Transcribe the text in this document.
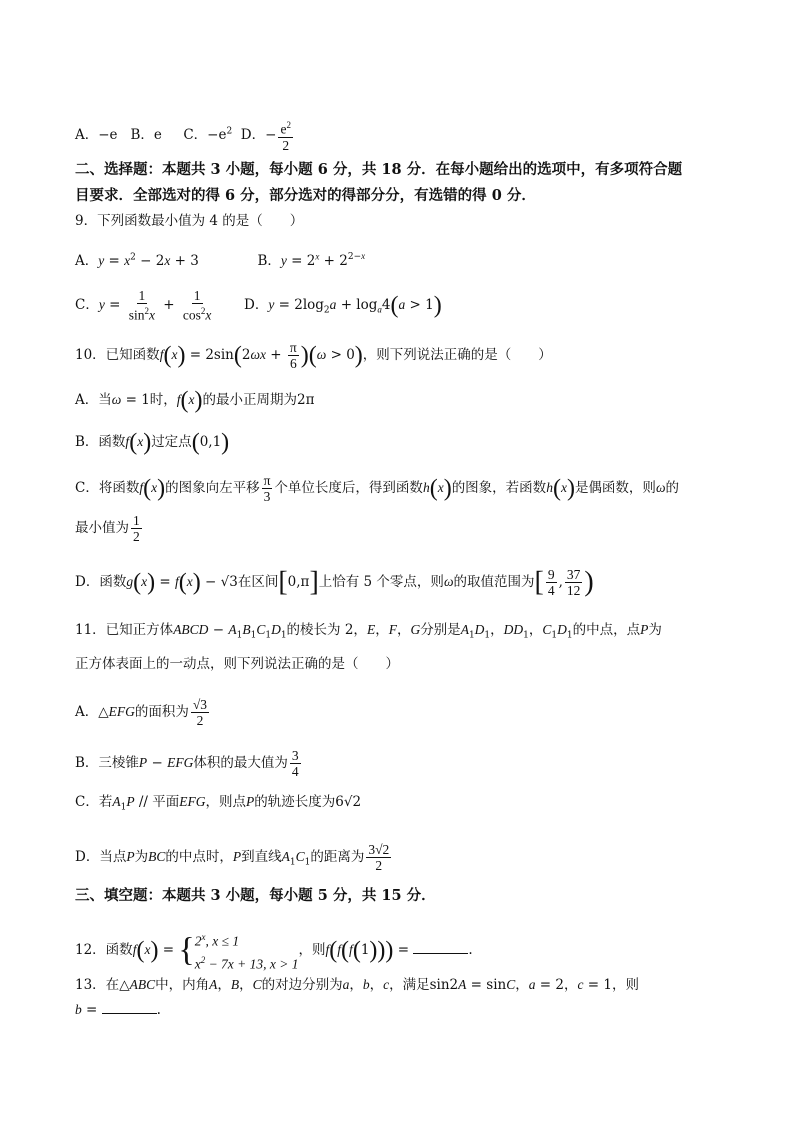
A．−e B．e C．$-e^2$ D．− $\frac{e^2}{2}$
二、选择题：本题共 3 小题，每小题 6 分，共 18 分．在每小题给出的选项中，有多项符合题
目要求．全部选对的得 6 分，部分选对的得部分分，有选错的得 0 分．
9．下列函数最小值为 4 的是（　　）
A．$y = x^2 - 2x + 3$	B．$y = 2^x + 2^{2-x}$
C．$y = \frac{1}{\sin^2x} + \frac{1}{\cos^2x}$ D．$y = 2\log_2a + \log_a4(a > 1)$
10．已知函数$f(x) = 2\sin(2\omega x + \frac{\pi}{6} )(\omega > 0)$，则下列说法正确的是（　　）
A．当ω = 1时，f(x)的最小正周期为2π
B．函数f(x)过定点(0,1)
C．将函数f(x)的图象向左平移 $\frac{\pi}{3}$ 个单位长度后，得到函数h(x)的图象，若函数h(x)是偶函数，则ω的
最小值为 $\frac{1}{2}$
D．函数g(x) = f(x) − √3在区间[0,π]上恰有 5 个零点，则ω的取值范围为[ $\frac{9}{4}$ , $\frac{37}{12}$ )
11．已知正方体ABCD − $A_1B_1C_1D_1$的棱长为 2，E，F，G分别是$A_1D_1$，$DD_1$，$C_1D_1$的中点，点P为
正方体表面上的一动点，则下列说法正确的是（　　）
A．△EFG的面积为 $\frac{√3}{2}$
B．三棱锥P − EFG体积的最大值为 $\frac{3}{4}$
C．若$A_1P$ // 平面EFG，则点P的轨迹长度为6√2
D．当点P为BC的中点时，P到直线$A_1C_1$的距离为 $\frac{3√2}{2}$
三、填空题：本题共 3 小题，每小题 5 分，共 15 分．
12．函数f(x) = { 2$^x$, x ≤ 1
$x^2 - 7x + 13$, x > 1
，则f(f(f(1))) =	.
13．在△ABC中，内角A，B，C的对边分别为a，b，c，满足sin2A = sinC，a = 2，c = 1，则
b =	.
